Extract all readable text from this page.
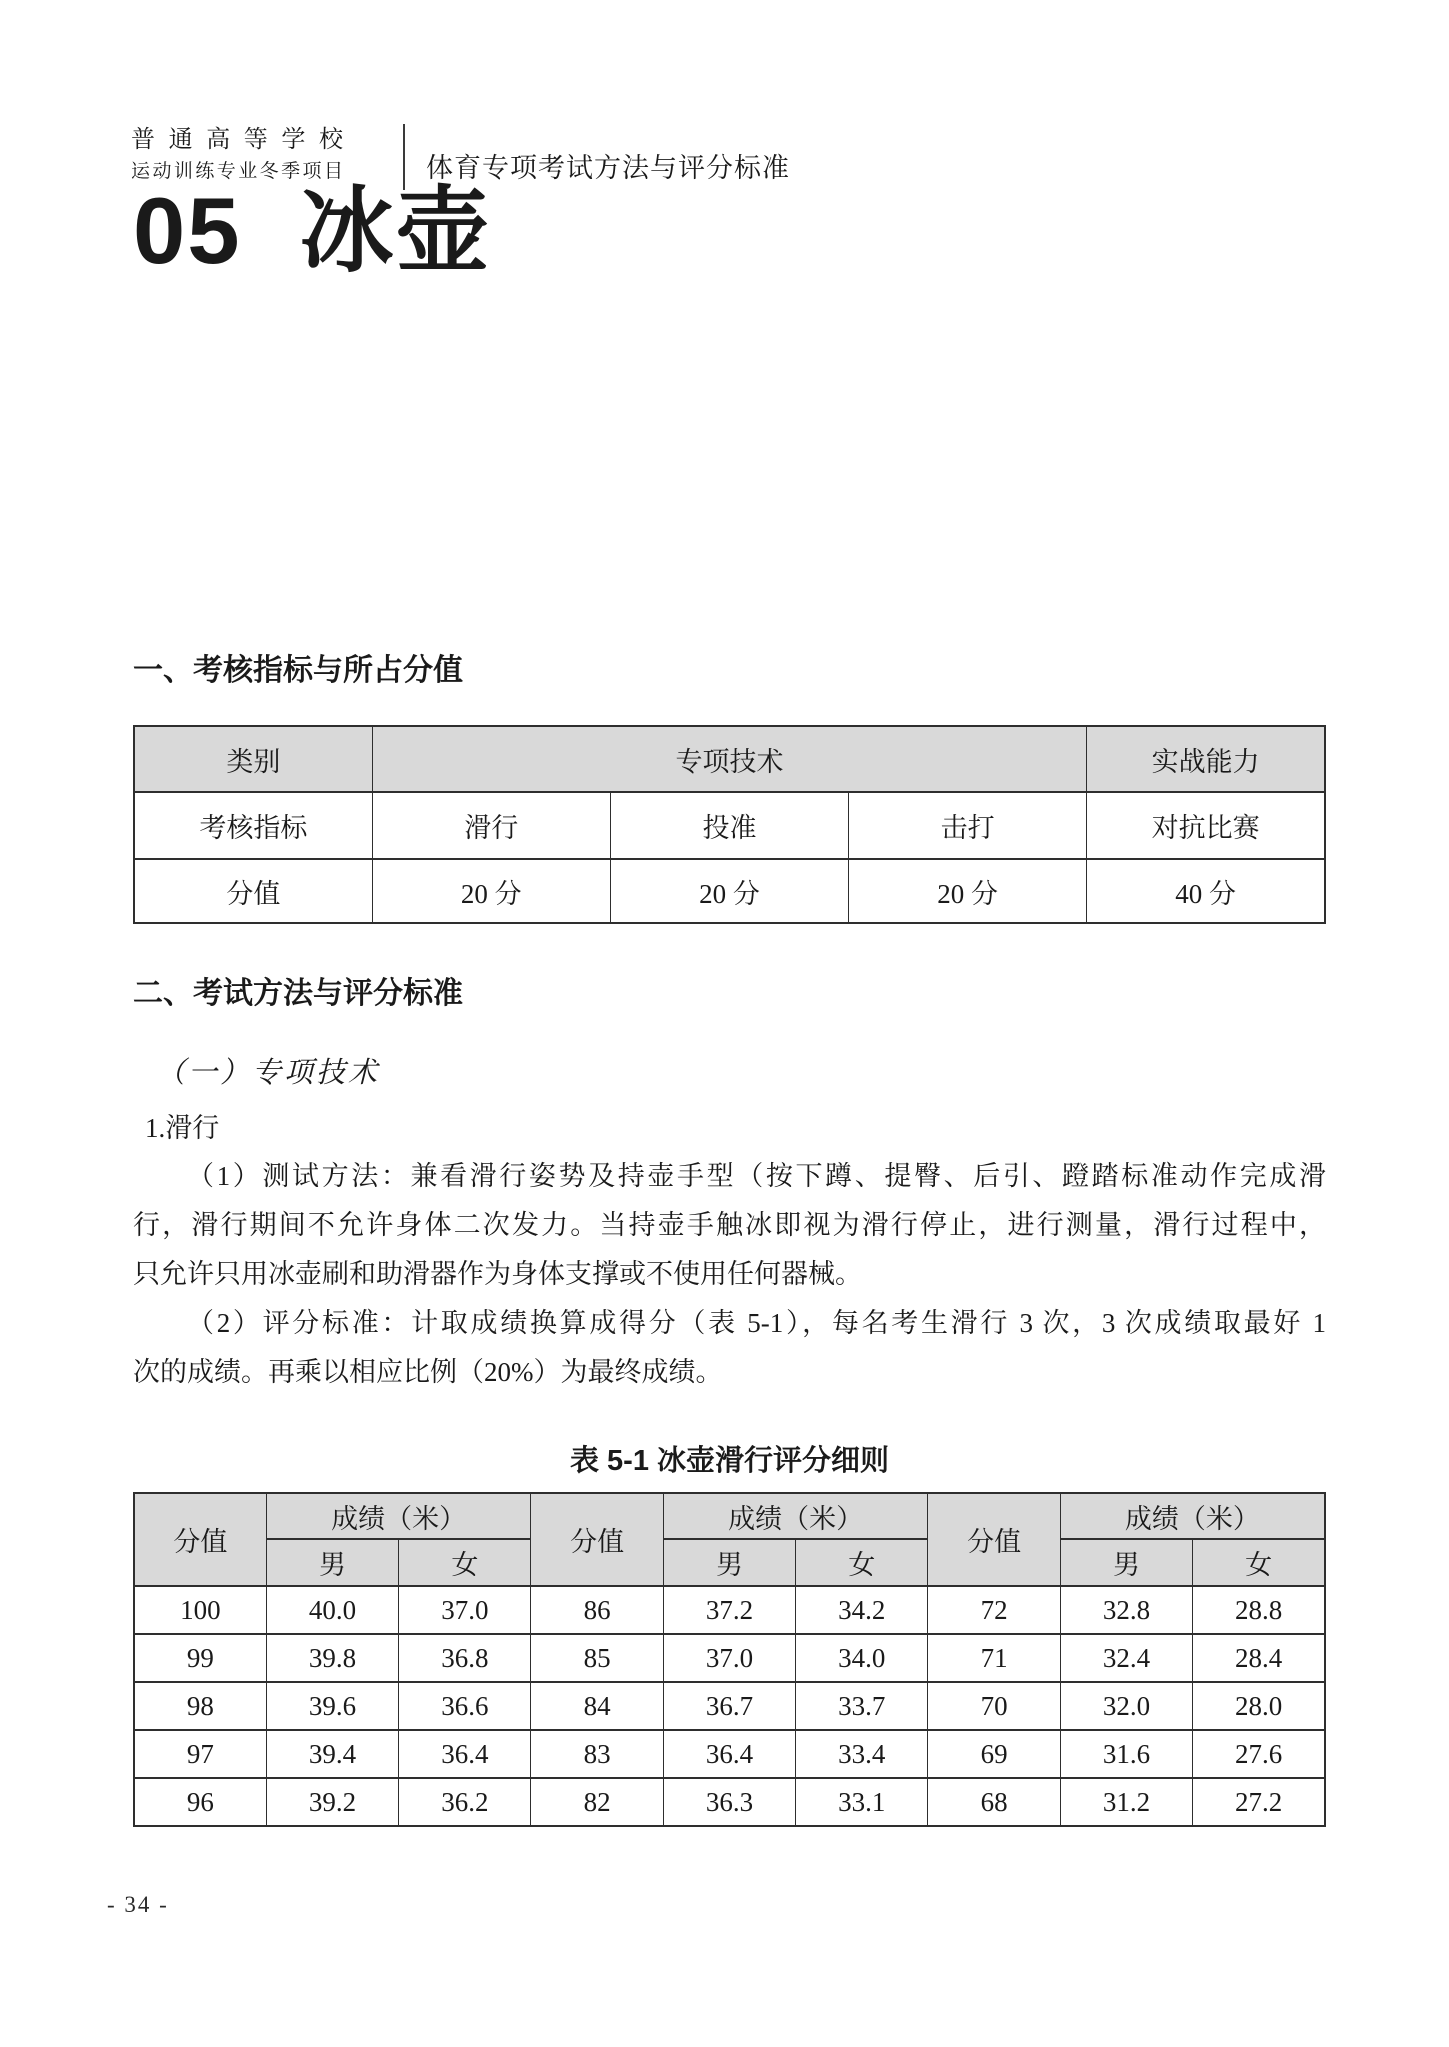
普 通 高 等 学 校
运动训练专业冬季项目	体育专项考试方法与评分标准
05 冰壶
一、考核指标与所占分值
类别	专项技术			实战能力
考核指标	滑行	投准	击打	对抗比赛
分值	20 分	20 分	20 分	40 分
二、考试方法与评分标准
（一）专项技术
1.滑行
（1）测试方法：兼看滑行姿势及持壶手型（按下蹲、提臀、后引、蹬踏标准动作完成滑
行，滑行期间不允许身体二次发力。当持壶手触冰即视为滑行停止，进行测量，滑行过程中，
只允许只用冰壶刷和助滑器作为身体支撑或不使用任何器械。
（2）评分标准：计取成绩换算成得分（表 5-1），每名考生滑行 3 次，3 次成绩取最好 1
次的成绩。再乘以相应比例（20%）为最终成绩。
表 5-1 冰壶滑行评分细则
分值	成绩（米）		分值	成绩（米）		分值	成绩（米）	
	男	女		男	女		男	女
100	40.0	37.0	86	37.2	34.2	72	32.8	28.8
99	39.8	36.8	85	37.0	34.0	71	32.4	28.4
98	39.6	36.6	84	36.7	33.7	70	32.0	28.0
97	39.4	36.4	83	36.4	33.4	69	31.6	27.6
96	39.2	36.2	82	36.3	33.1	68	31.2	27.2
- 34 -
